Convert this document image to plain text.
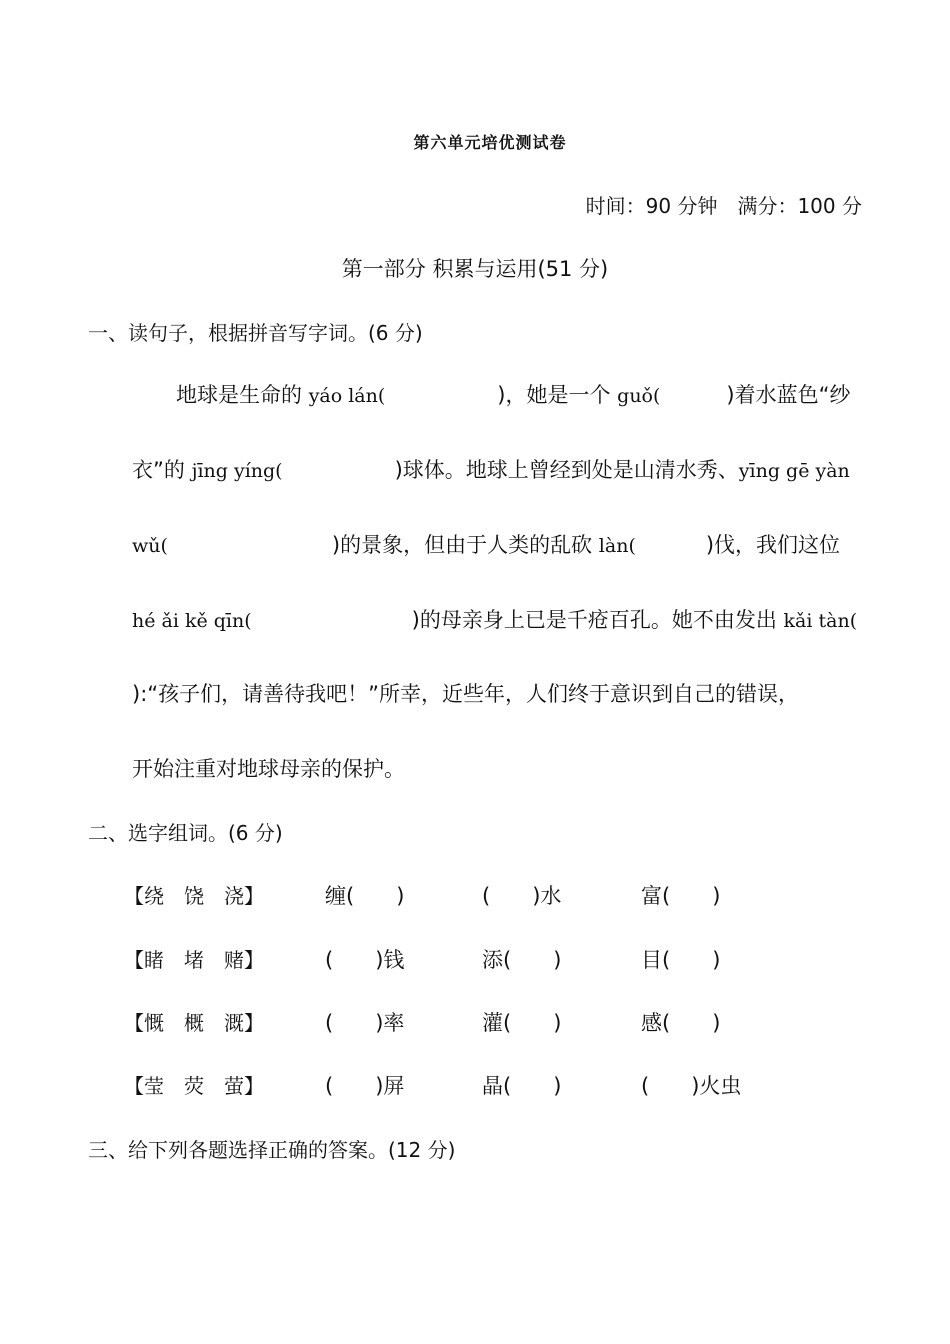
第六单元培优测试卷
时间：90 分钟　满分：100 分
第一部分 积累与运用(51 分)
一、读句子，根据拼音写字词。(6 分)
地球是生命的 yáo lán(	)，她是一个 guǒ(	)着水蓝色“纱
衣”的 jīng yíng(	)球体。地球上曾经到处是山清水秀、yīng gē yàn
wǔ(	)的景象，但由于人类的乱砍 làn(	)伐，我们这位
hé ǎi kě qīn(	)的母亲身上已是千疮百孔。她不由发出 kǎi tàn(
):“孩子们，请善待我吧！”所幸，近些年，人们终于意识到自己的错误，
开始注重对地球母亲的保护。
二、选字组词。(6 分)
【绕　 饶　 浇】	缠(　　)	(　　)水	富(　　)
【睹　 堵　 赌】	(　　)钱	添(　　)	目(　　)
【慨　 概　 溉】	(　　)率	灌(　　)	感(　　)
【莹　 荧　 萤】	(　　)屏	晶(　　)	(　　)火虫
三、给下列各题选择正确的答案。(12 分)
